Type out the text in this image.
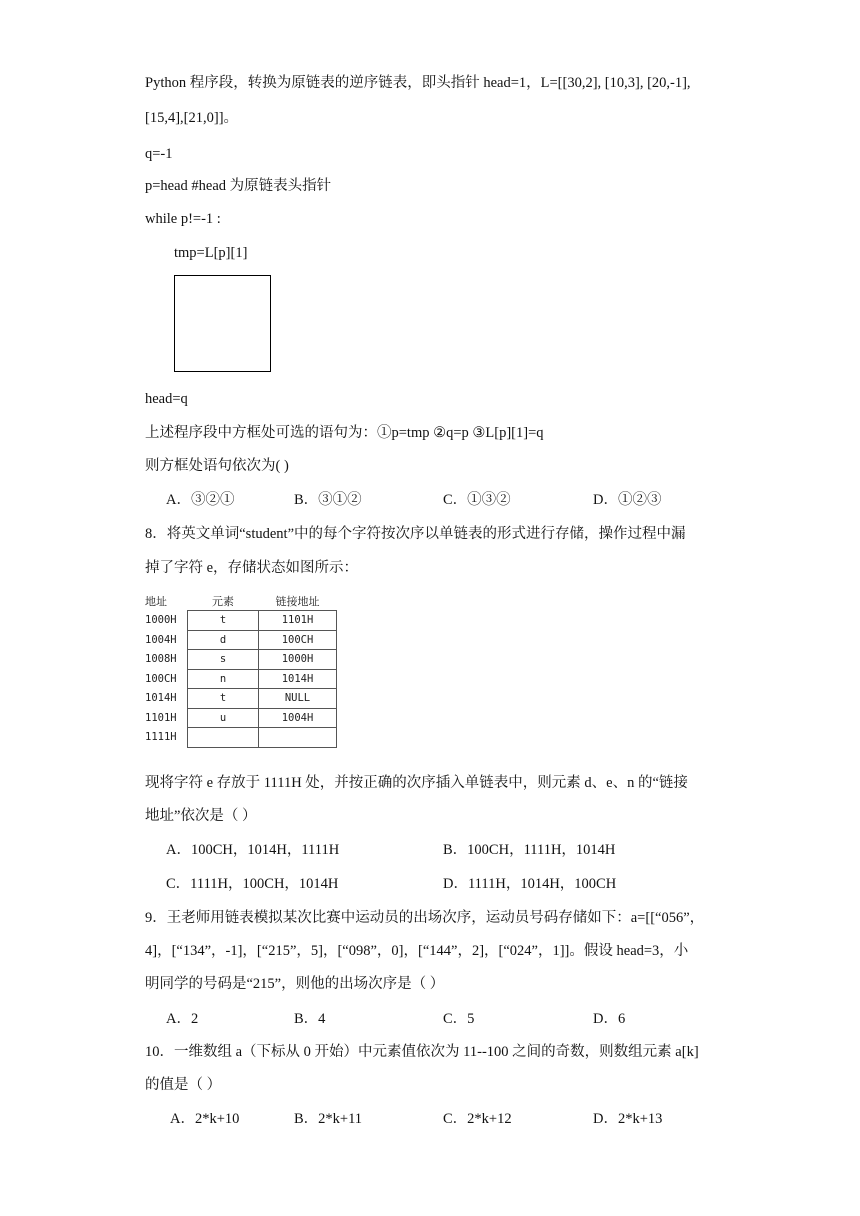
Python 程序段，转换为原链表的逆序链表，即头指针 head=1，L=[[30,2], [10,3], [20,-1],
[15,4],[21,0]]。
q=-1
p=head #head 为原链表头指针
while p!=-1 :
tmp=L[p][1]
head=q
上述程序段中方框处可选的语句为：①p=tmp ②q=p ③L[p][1]=q
则方框处语句依次为( )
A．③②①	B．③①②	C．①③②	D．①②③
8．将英文单词“student”中的每个字符按次序以单链表的形式进行存储，操作过程中漏
掉了字符 e，存储状态如图所示：
地址	元素	链接地址
1000H	t	1101H
1004H	d	100CH
1008H	s	1000H
100CH	n	1014H
1014H	t	NULL
1101H	u	1004H
1111H		
现将字符 e 存放于 1111H 处，并按正确的次序插入单链表中，则元素 d、e、n 的“链接
地址”依次是（ ）
A．100CH，1014H，1111H	B．100CH，1111H，1014H
C．1111H，100CH，1014H	D．1111H，1014H，100CH
9．王老师用链表模拟某次比赛中运动员的出场次序，运动员号码存储如下：a=[[“056”，
4]，[“134”，-1]，[“215”，5]，[“098”，0]，[“144”，2]，[“024”，1]]。假设 head=3，小
明同学的号码是“215”，则他的出场次序是（ ）
A．2	B．4	C．5	D．6
10．一维数组 a（下标从 0 开始）中元素值依次为 11--100 之间的奇数，则数组元素 a[k]
的值是（ ）
A．2*k+10	B．2*k+11	C．2*k+12	D．2*k+13
